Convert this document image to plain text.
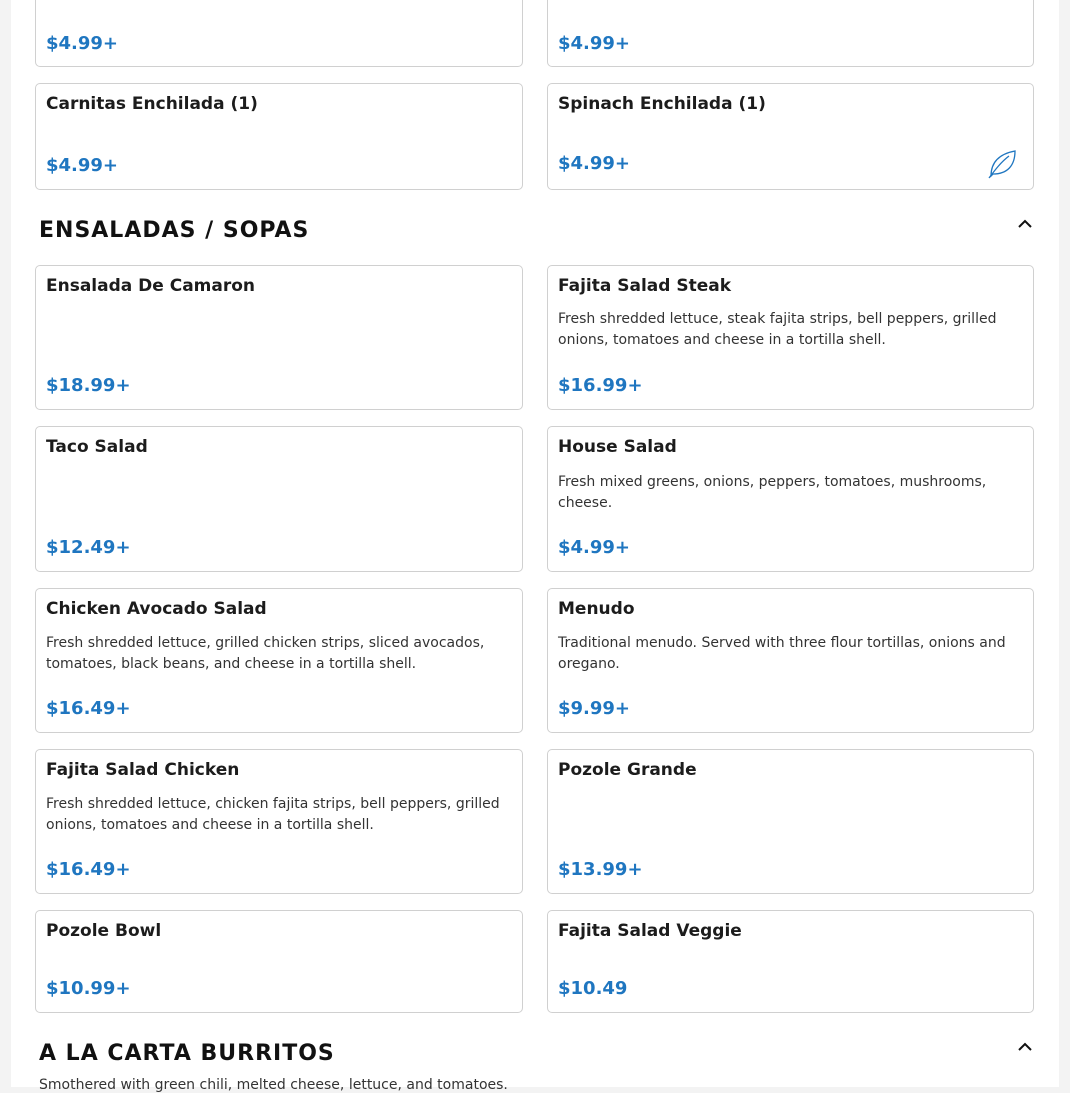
$4.99+	$4.99+
Carnitas Enchilada (1)
$4.99+
Spinach Enchilada (1)
$4.99+
ENSALADAS / SOPAS
Ensalada De Camaron
$18.99+
Fajita Salad Steak
Fresh shredded lettuce, steak fajita strips, bell peppers, grilled onions, tomatoes and cheese in a tortilla shell.
$16.99+
Taco Salad
$12.49+
House Salad
Fresh mixed greens, onions, peppers, tomatoes, mushrooms, cheese.
$4.99+
Chicken Avocado Salad
Fresh shredded lettuce, grilled chicken strips, sliced avocados, tomatoes, black beans, and cheese in a tortilla shell.
$16.49+
Menudo
Traditional menudo. Served with three flour tortillas, onions and oregano.
$9.99+
Fajita Salad Chicken
Fresh shredded lettuce, chicken fajita strips, bell peppers, grilled onions, tomatoes and cheese in a tortilla shell.
$16.49+
Pozole Grande
$13.99+
Pozole Bowl
$10.99+
Fajita Salad Veggie
$10.49
A LA CARTA BURRITOS
Smothered with green chili, melted cheese, lettuce, and tomatoes.
